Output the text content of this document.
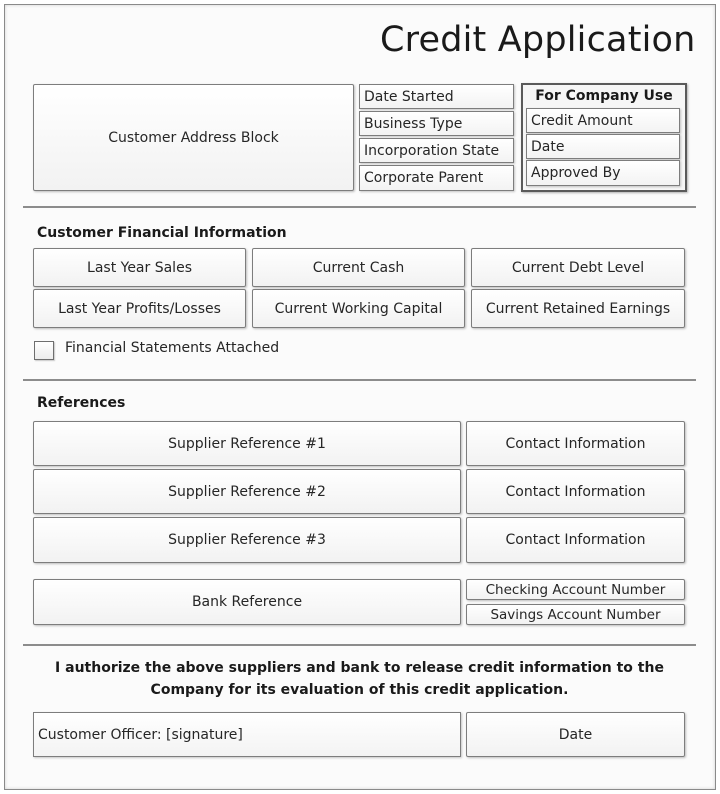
Credit Application
Customer Address Block
Date Started
Business Type
Incorporation State
Corporate Parent
For Company Use
Credit Amount
Date
Approved By
Customer Financial Information
Last Year Sales	Current Cash	Current Debt Level
Last Year Profits/Losses	Current Working Capital	Current Retained Earnings
Financial Statements Attached
References
Supplier Reference #1	Contact Information
Supplier Reference #2	Contact Information
Supplier Reference #3	Contact Information
Bank Reference
Checking Account Number
Savings Account Number
I authorize the above suppliers and bank to release credit information to the
Company for its evaluation of this credit application.
Customer Officer: [signature]	Date
